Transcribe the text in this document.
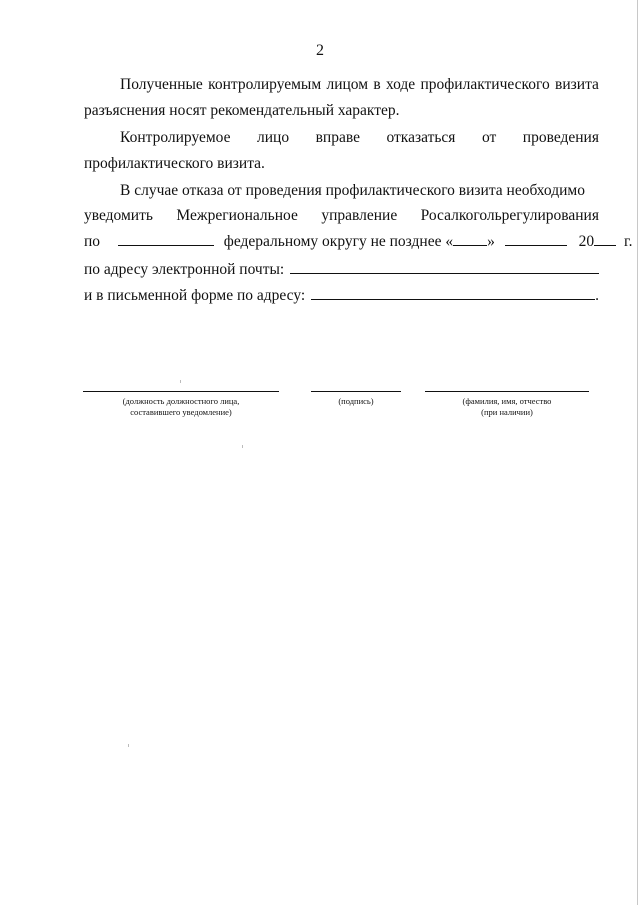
2
Полученные контролируемым лицом в ходе профилактического визита
разъяснения носят рекомендательный характер.
Контролируемое лицо вправе отказаться от проведения
профилактического визита.
В случае отказа от проведения профилактического визита необходимо
уведомить Межрегиональное управление Росалкогольрегулирования
по	федеральному округу не позднее « »	20 г.
по адресу электронной почты:
и в письменной форме по адресу:	.
(должность должностного лица,
составившего уведомление)
(подпись)	(фамилия, имя, отчество
(при наличии)
